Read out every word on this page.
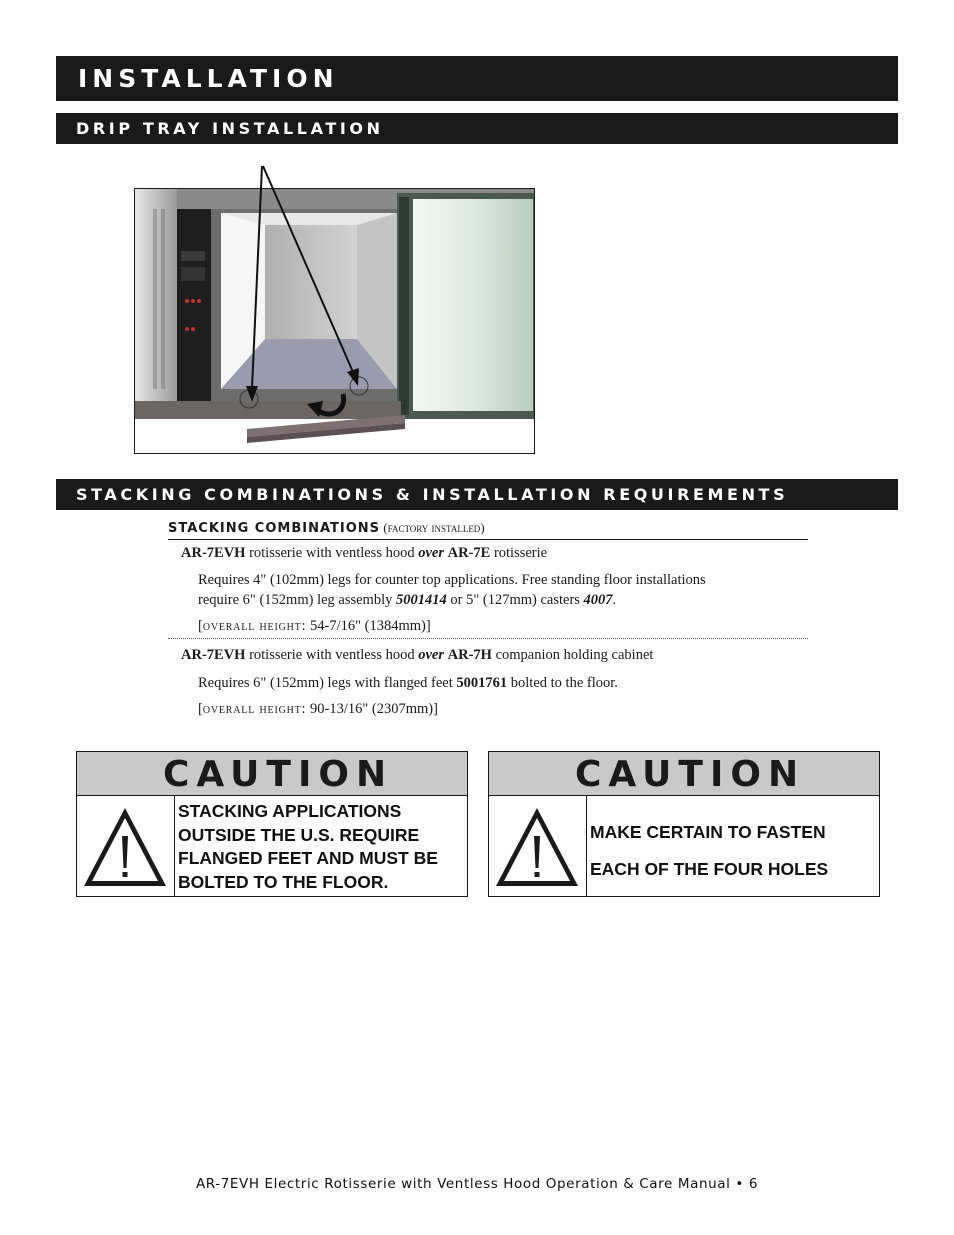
INSTALLATION
DRIP TRAY INSTALLATION
STACKING COMBINATIONS & INSTALLATION REQUIREMENTS
STACKING COMBINATIONS (factory installed)
AR-7EVH rotisserie with ventless hood over AR-7E rotisserie
Requires 4" (102mm) legs for counter top applications. Free standing floor installations
require 6" (152mm) leg assembly 5001414 or 5" (127mm) casters 4007.
[overall height: 54-7/16" (1384mm)]
AR-7EVH rotisserie with ventless hood over AR-7H companion holding cabinet
Requires 6" (152mm) legs with flanged feet 5001761 bolted to the floor.
[overall height: 90-13/16" (2307mm)]
CAUTION
STACKING APPLICATIONS
OUTSIDE THE U.S. REQUIRE
FLANGED FEET AND MUST BE
BOLTED TO THE FLOOR.
CAUTION
MAKE CERTAIN TO FASTEN
EACH OF THE FOUR HOLES
AR-7EVH Electric Rotisserie with Ventless Hood Operation & Care Manual • 6
